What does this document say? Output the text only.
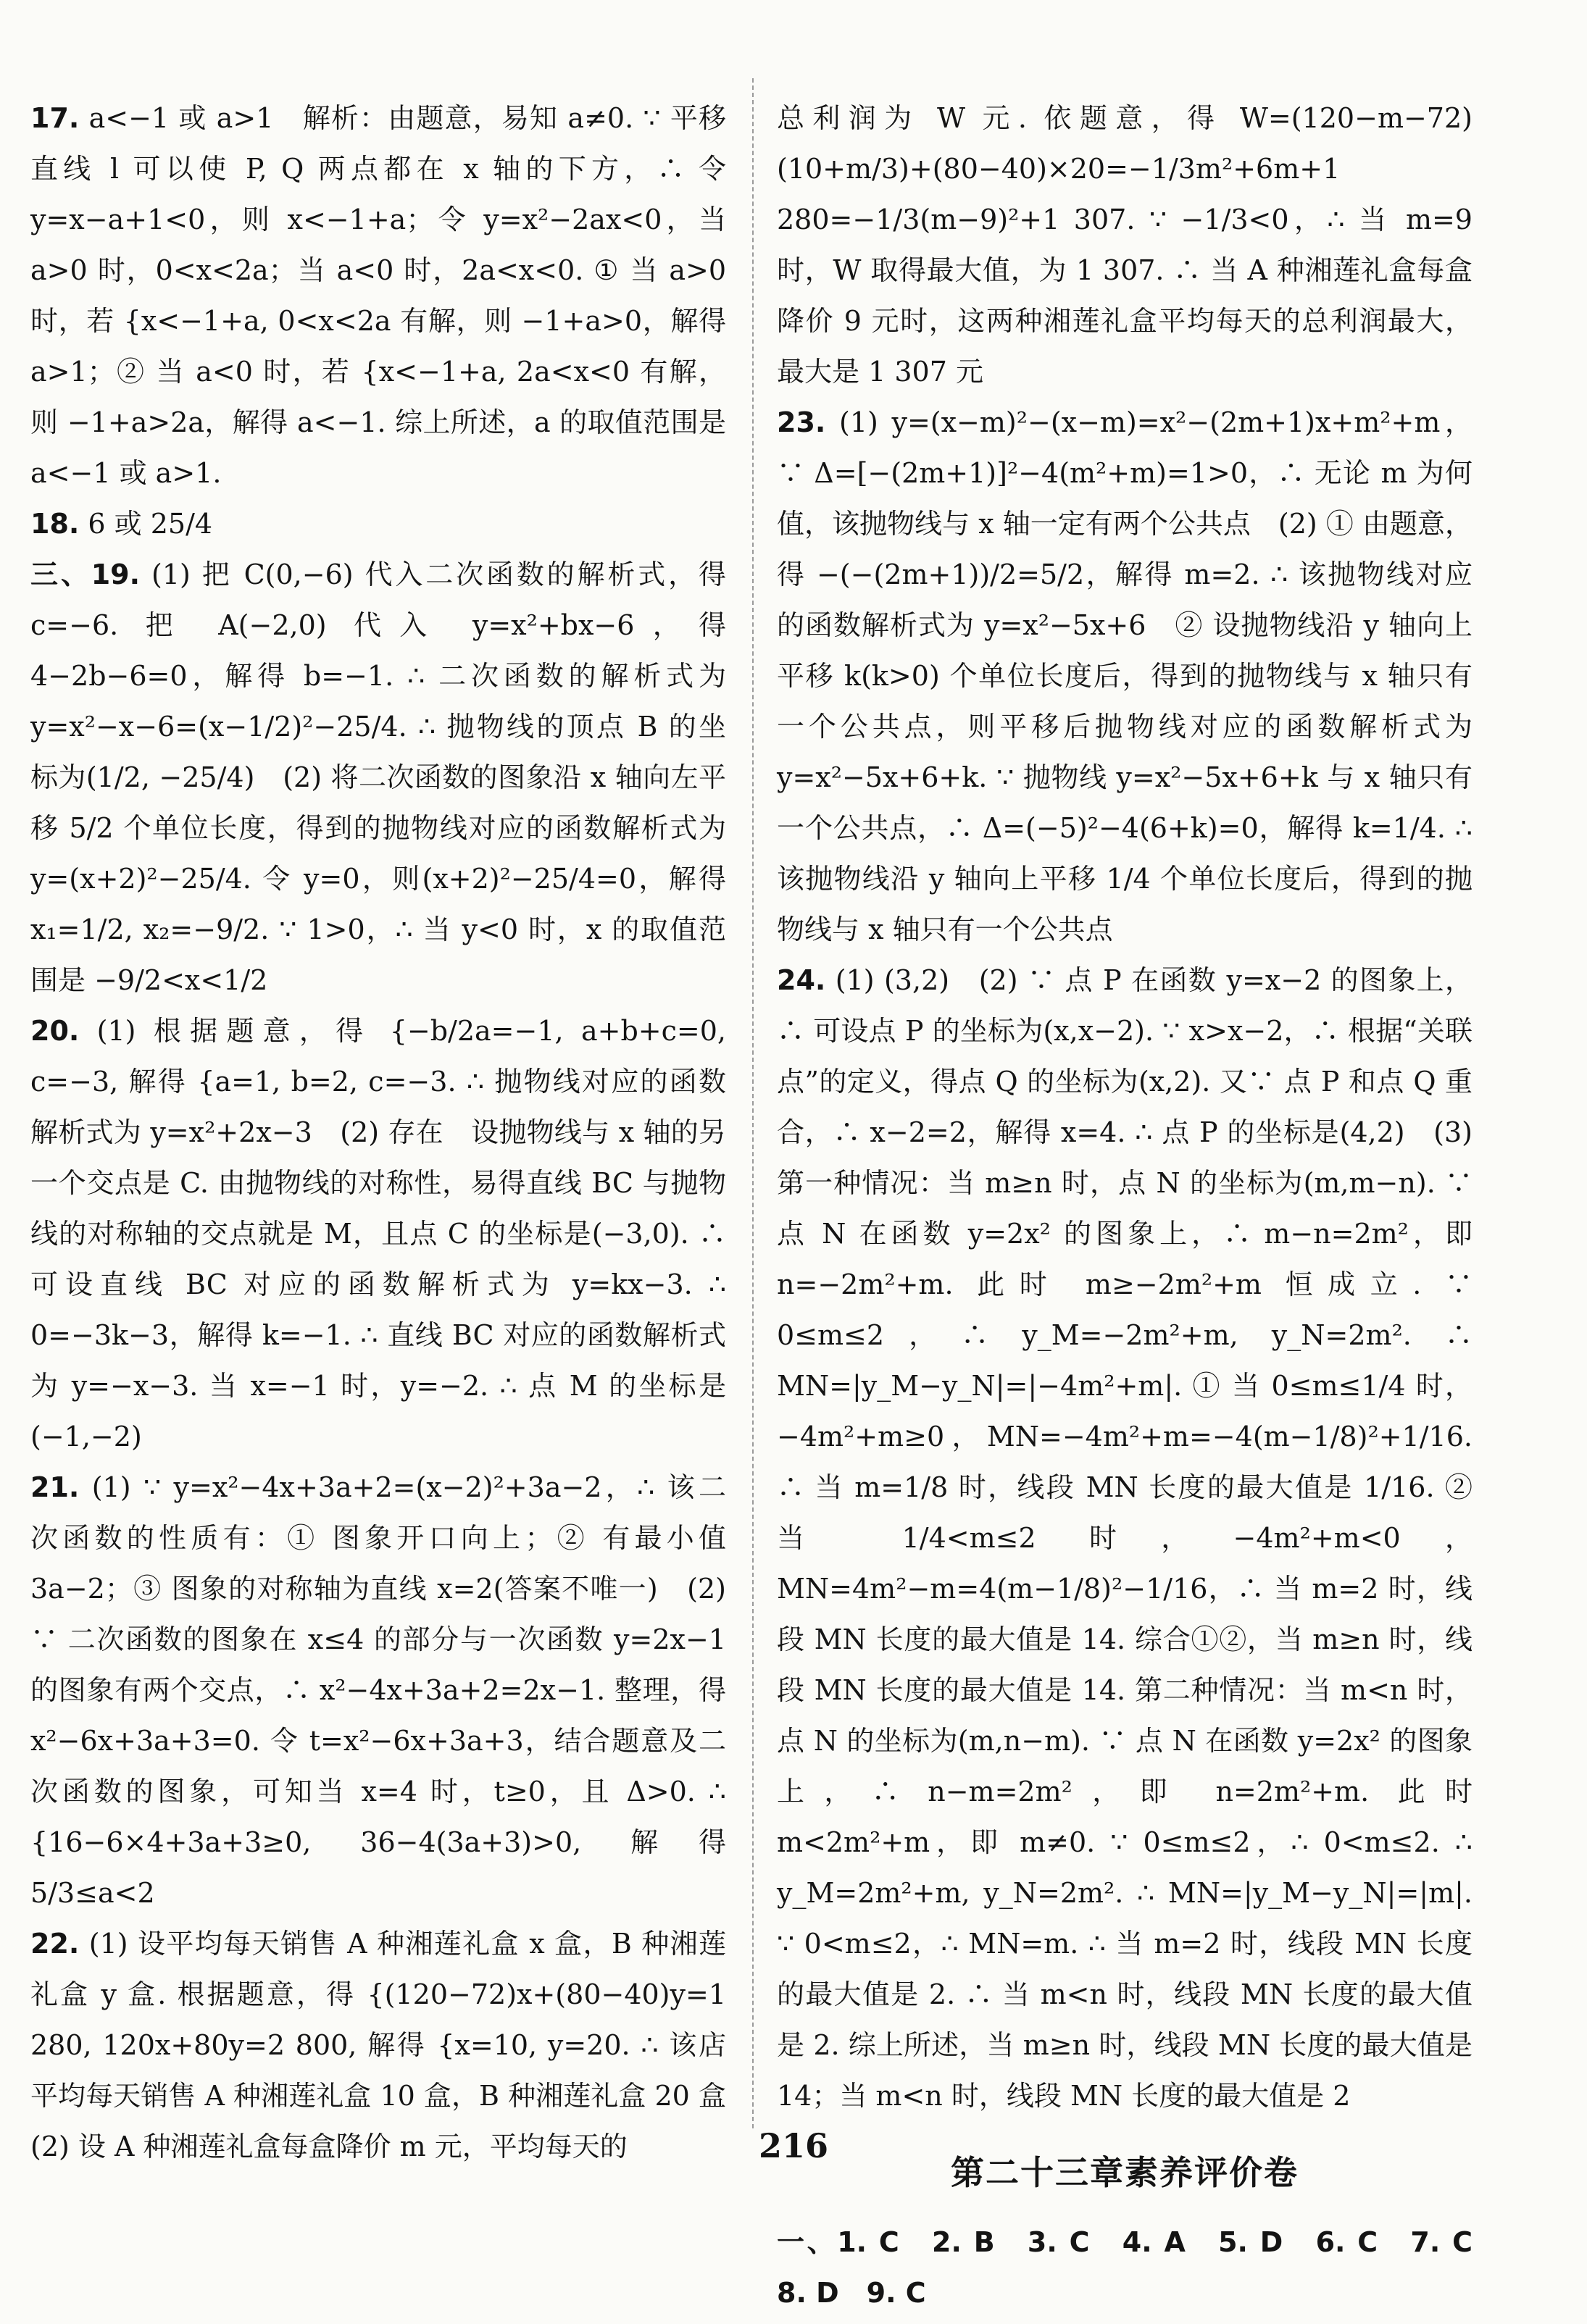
17. a<−1 或 a>1　解析：由题意，易知 a≠0. ∵ 平移直线 l 可以使 P, Q 两点都在 x 轴的下方，∴ 令 y=x−a+1<0，则 x<−1+a；令 y=x²−2ax<0，当 a>0 时，0<x<2a；当 a<0 时，2a<x<0. ① 当 a>0 时，若 {x<−1+a, 0<x<2a 有解，则 −1+a>0，解得 a>1；② 当 a<0 时，若 {x<−1+a, 2a<x<0 有解，则 −1+a>2a，解得 a<−1. 综上所述，a 的取值范围是 a<−1 或 a>1.

18. 6 或 25/4

三、19. (1) 把 C(0,−6) 代入二次函数的解析式，得 c=−6. 把 A(−2,0) 代入 y=x²+bx−6，得 4−2b−6=0，解得 b=−1. ∴ 二次函数的解析式为 y=x²−x−6=(x−1/2)²−25/4. ∴ 抛物线的顶点 B 的坐标为(1/2, −25/4)　(2) 将二次函数的图象沿 x 轴向左平移 5/2 个单位长度，得到的抛物线对应的函数解析式为 y=(x+2)²−25/4. 令 y=0，则(x+2)²−25/4=0，解得 x₁=1/2, x₂=−9/2. ∵ 1>0，∴ 当 y<0 时，x 的取值范围是 −9/2<x<1/2

20. (1) 根据题意，得 {−b/2a=−1, a+b+c=0, c=−3, 解得 {a=1, b=2, c=−3. ∴ 抛物线对应的函数解析式为 y=x²+2x−3　(2) 存在　设抛物线与 x 轴的另一个交点是 C. 由抛物线的对称性，易得直线 BC 与抛物线的对称轴的交点就是 M，且点 C 的坐标是(−3,0). ∴ 可设直线 BC 对应的函数解析式为 y=kx−3. ∴ 0=−3k−3，解得 k=−1. ∴ 直线 BC 对应的函数解析式为 y=−x−3. 当 x=−1 时，y=−2. ∴ 点 M 的坐标是(−1,−2)

21. (1) ∵ y=x²−4x+3a+2=(x−2)²+3a−2，∴ 该二次函数的性质有：① 图象开口向上；② 有最小值 3a−2；③ 图象的对称轴为直线 x=2(答案不唯一)　(2) ∵ 二次函数的图象在 x≤4 的部分与一次函数 y=2x−1 的图象有两个交点，∴ x²−4x+3a+2=2x−1. 整理，得 x²−6x+3a+3=0. 令 t=x²−6x+3a+3，结合题意及二次函数的图象，可知当 x=4 时，t≥0，且 Δ>0. ∴ {16−6×4+3a+3≥0, 36−4(3a+3)>0, 解得 5/3≤a<2

22. (1) 设平均每天销售 A 种湘莲礼盒 x 盒，B 种湘莲礼盒 y 盒. 根据题意，得 {(120−72)x+(80−40)y=1 280, 120x+80y=2 800, 解得 {x=10, y=20. ∴ 该店平均每天销售 A 种湘莲礼盒 10 盒，B 种湘莲礼盒 20 盒　(2) 设 A 种湘莲礼盒每盒降价 m 元，平均每天的

总利润为 W 元. 依题意，得 W=(120−m−72)(10+m/3)+(80−40)×20=−1/3m²+6m+1 280=−1/3(m−9)²+1 307. ∵ −1/3<0，∴ 当 m=9 时，W 取得最大值，为 1 307. ∴ 当 A 种湘莲礼盒每盒降价 9 元时，这两种湘莲礼盒平均每天的总利润最大，最大是 1 307 元

23. (1) y=(x−m)²−(x−m)=x²−(2m+1)x+m²+m，∵ Δ=[−(2m+1)]²−4(m²+m)=1>0，∴ 无论 m 为何值，该抛物线与 x 轴一定有两个公共点　(2) ① 由题意，得 −(−(2m+1))/2=5/2，解得 m=2. ∴ 该抛物线对应的函数解析式为 y=x²−5x+6　② 设抛物线沿 y 轴向上平移 k(k>0) 个单位长度后，得到的抛物线与 x 轴只有一个公共点，则平移后抛物线对应的函数解析式为 y=x²−5x+6+k. ∵ 抛物线 y=x²−5x+6+k 与 x 轴只有一个公共点，∴ Δ=(−5)²−4(6+k)=0，解得 k=1/4. ∴ 该抛物线沿 y 轴向上平移 1/4 个单位长度后，得到的抛物线与 x 轴只有一个公共点

24. (1) (3,2)　(2) ∵ 点 P 在函数 y=x−2 的图象上，∴ 可设点 P 的坐标为(x,x−2). ∵ x>x−2，∴ 根据“关联点”的定义，得点 Q 的坐标为(x,2). 又∵ 点 P 和点 Q 重合，∴ x−2=2，解得 x=4. ∴ 点 P 的坐标是(4,2)　(3) 第一种情况：当 m≥n 时，点 N 的坐标为(m,m−n). ∵ 点 N 在函数 y=2x² 的图象上，∴ m−n=2m²，即 n=−2m²+m. 此时 m≥−2m²+m 恒成立. ∵ 0≤m≤2，∴ y_M=−2m²+m, y_N=2m². ∴ MN=|y_M−y_N|=|−4m²+m|. ① 当 0≤m≤1/4 时，−4m²+m≥0，MN=−4m²+m=−4(m−1/8)²+1/16. ∴ 当 m=1/8 时，线段 MN 长度的最大值是 1/16. ② 当 1/4<m≤2 时，−4m²+m<0，MN=4m²−m=4(m−1/8)²−1/16，∴ 当 m=2 时，线段 MN 长度的最大值是 14. 综合①②，当 m≥n 时，线段 MN 长度的最大值是 14. 第二种情况：当 m<n 时，点 N 的坐标为(m,n−m). ∵ 点 N 在函数 y=2x² 的图象上，∴ n−m=2m²，即 n=2m²+m. 此时 m<2m²+m，即 m≠0. ∵ 0≤m≤2，∴ 0<m≤2. ∴ y_M=2m²+m, y_N=2m². ∴ MN=|y_M−y_N|=|m|. ∵ 0<m≤2，∴ MN=m. ∴ 当 m=2 时，线段 MN 长度的最大值是 2. ∴ 当 m<n 时，线段 MN 长度的最大值是 2. 综上所述，当 m≥n 时，线段 MN 长度的最大值是 14；当 m<n 时，线段 MN 长度的最大值是 2

第二十三章素养评价卷

一、1. C　2. B　3. C　4. A　5. D　6. C　7. C　8. D　9. C

216
